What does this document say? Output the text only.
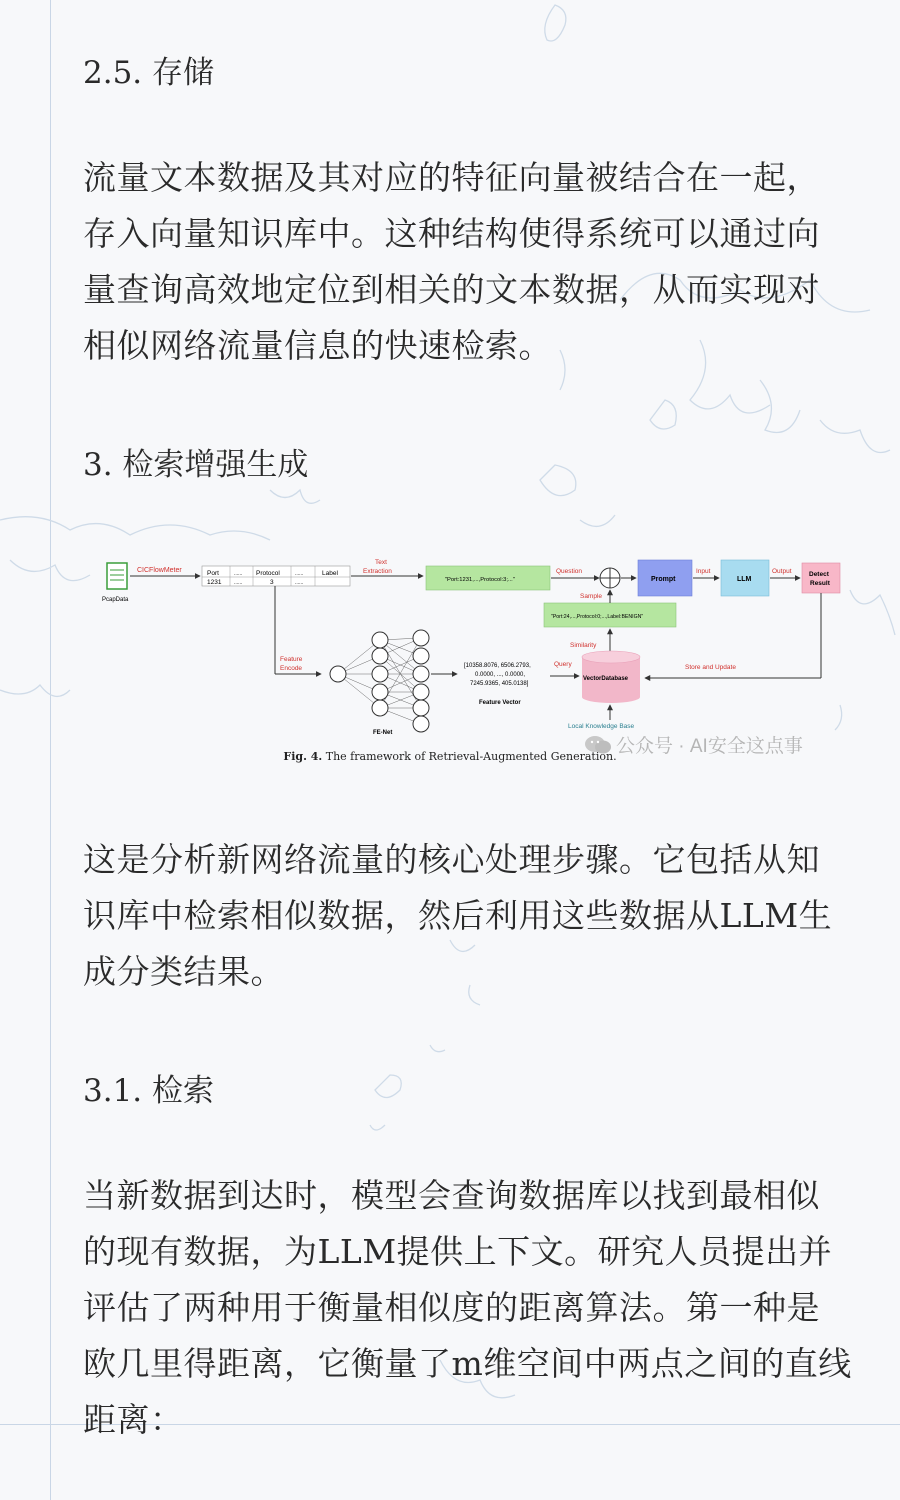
2.5. 存储

流量文本数据及其对应的特征向量被结合在一起，存入向量知识库中。这种结构使得系统可以通过向量查询高效地定位到相关的文本数据，从而实现对相似网络流量信息的快速检索。

3. 检索增强生成
PcapData
CICFlowMeter	Port	...... Protocol	......	Label
1231	......	3	......
Text
Extraction
"Port:1231,...,Protocol:3;..."
Question
Sample
Prompt
Input
LLM
Output	Detect
Result
Store and Update
"Port:24,...,Protocol:0;...,Label:BENIGN"
Similarity
VectorDatabase
Local Knowledge Base
Feature
Encode
FE-Net
[10358.8076, 6506.2793,
0.0000, ..., 0.0000,
7245.9365, 405.0138]
Feature Vector
Query
公众号 · AI安全这点事
Fig. 4. The framework of Retrieval-Augmented Generation.

这是分析新网络流量的核心处理步骤。它包括从知识库中检索相似数据，然后利用这些数据从LLM生成分类结果。

3.1. 检索

当新数据到达时，模型会查询数据库以找到最相似的现有数据，为LLM提供上下文。研究人员提出并评估了两种用于衡量相似度的距离算法。第一种是欧几里得距离，它衡量了m维空间中两点之间的直线距离：
